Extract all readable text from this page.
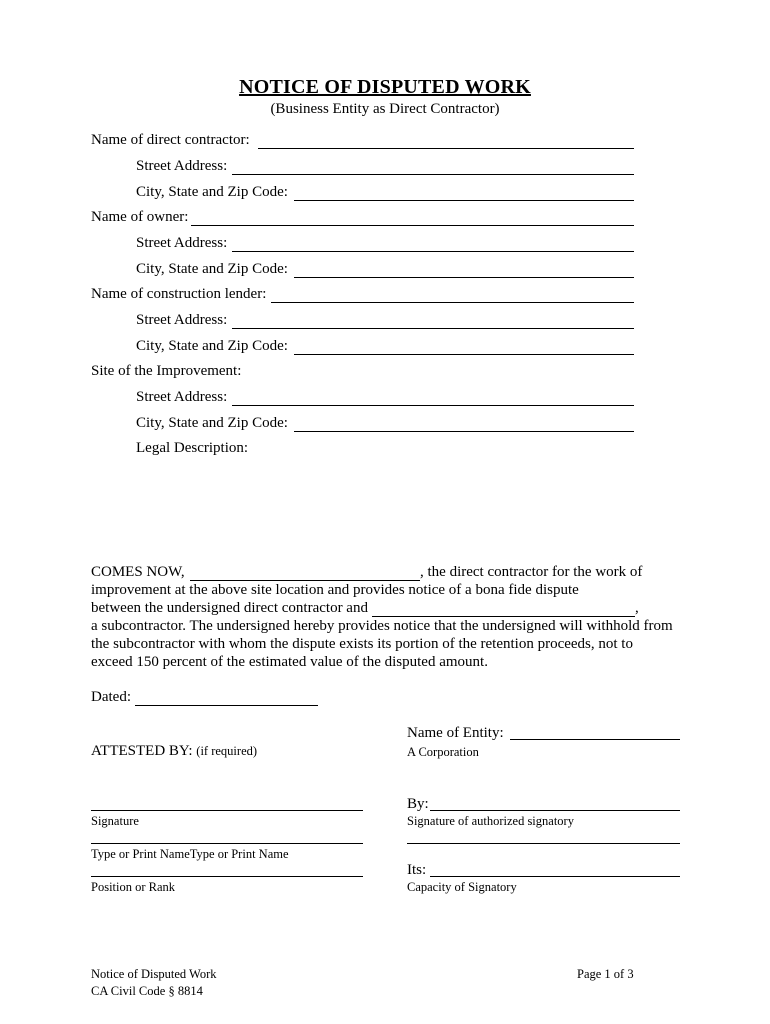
NOTICE OF DISPUTED WORK
(Business Entity as Direct Contractor)
Name of direct contractor:
Street Address:
City, State and Zip Code:
Name of owner:
Street Address:
City, State and Zip Code:
Name of construction lender:
Street Address:
City, State and Zip Code:
Site of the Improvement:
Street Address:
City, State and Zip Code:
Legal Description:
COMES NOW,	, the direct contractor for the work of
improvement at the above site location and provides notice of a bona fide dispute
between the undersigned direct contractor and	,
a subcontractor. The undersigned hereby provides notice that the undersigned will withhold from
the subcontractor with whom the dispute exists its portion of the retention proceeds, not to
exceed 150 percent of the estimated value of the disputed amount.
Dated:
Name of Entity:
A Corporation
ATTESTED BY: (if required)
Signature
Type or Print NameType or Print Name
Position or Rank
By:
Signature of authorized signatory
Its:
Capacity of Signatory
Notice of Disputed Work
CA Civil Code § 8814
Page 1 of 3
